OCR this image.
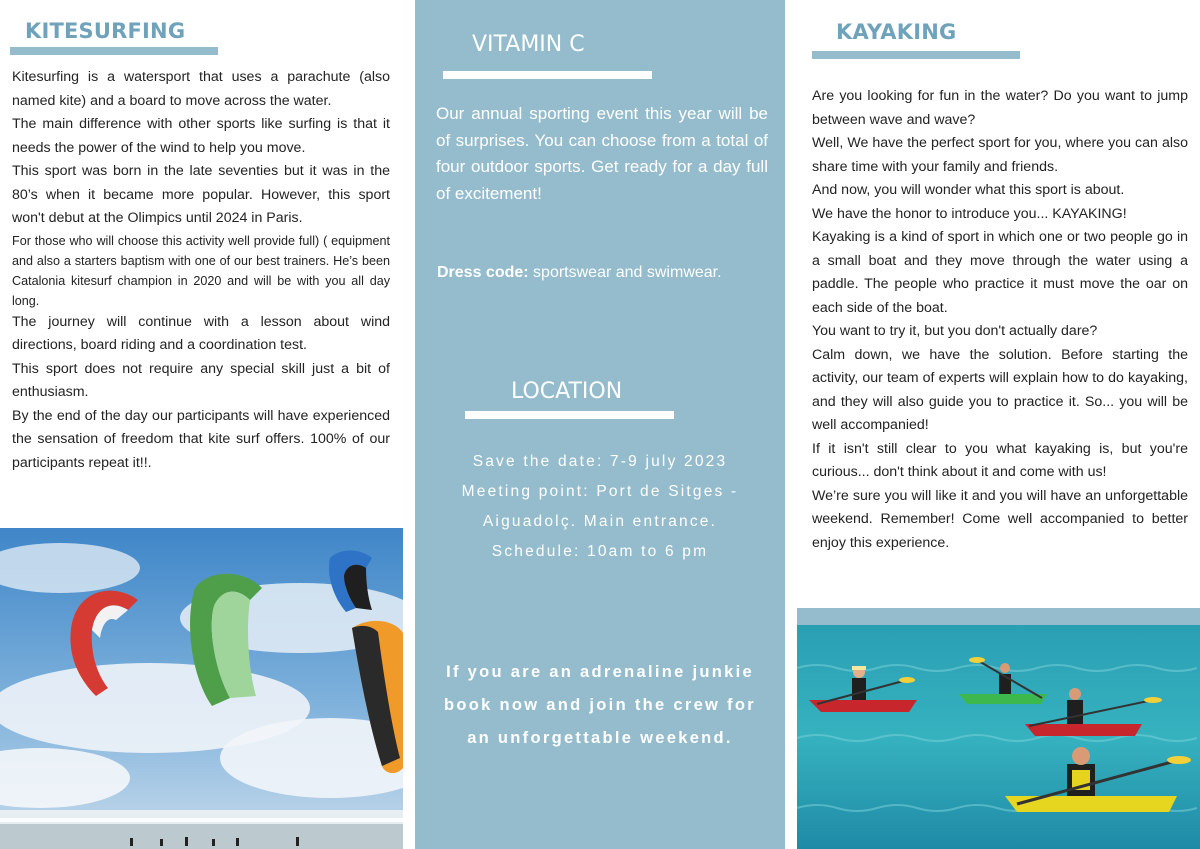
KITESURFING

Kitesurfing is a watersport that uses a parachute (also named kite) and a board to move across the water.

The main difference with other sports like surfing is that it needs the power of the wind to help you move.

This sport was born in the late seventies but it was in the 80’s when it became more popular. However, this sport won't debut at the Olimpics until 2024 in Paris.

For those who will choose this activity well provide full) ( equipment and also a starters baptism with one of our best trainers. He’s been Catalonia kitesurf champion in 2020 and will be with you all day long.

The journey will continue with a lesson about wind directions, board riding and a coordination test.

This sport does not require any special skill just a bit of enthusiasm.

By the end of the day our participants will have experienced the sensation of freedom that kite surf offers. 100% of our participants repeat it!!.

VITAMIN C
Our annual sporting event this year will be of surprises. You can choose from a total of four outdoor sports. Get ready for a day full of excitement!
Dress code: sportswear and swimwear.
LOCATION
Save the date: 7-9 july 2023
Meeting point: Port de Sitges -
Aiguadolç. Main entrance.
Schedule: 10am to 6 pm
If you are an adrenaline junkie
book now and join the crew for
an unforgettable weekend.
KAYAKING

Are you looking for fun in the water? Do you want to jump between wave and wave?

Well, We have the perfect sport for you, where you can also share time with your family and friends.

And now, you will wonder what this sport is about.

We have the honor to introduce you... KAYAKING!

Kayaking is a kind of sport in which one or two people go in a small boat and they move through the water using a paddle. The people who practice it must move the oar on each side of the boat.

You want to try it, but you don't actually dare?

Calm down, we have the solution. Before starting the activity, our team of experts will explain how to do kayaking, and they will also guide you to practice it. So... you will be well accompanied!

If it isn't still clear to you what kayaking is, but you're curious... don't think about it and come with us!

We’re sure you will like it and you will have an unforgettable weekend. Remember! Come well accompanied to better enjoy this experience.
